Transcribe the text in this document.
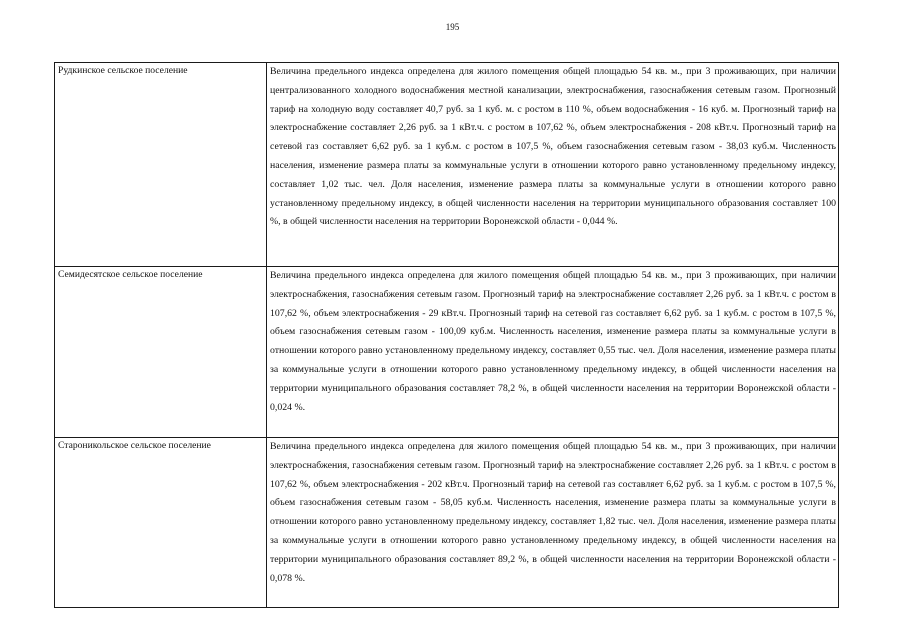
195
Рудкинское сельское поселение	Величина предельного индекса определена для жилого помещения общей площадью 54 кв. м., при 3 проживающих, при наличии централизованного холодного водоснабжения местной канализации, электроснабжения, газоснабжения сетевым газом. Прогнозный тариф на холодную воду составляет 40,7 руб. за 1 куб. м. с ростом в 110 %, объем водоснабжения - 16 куб. м. Прогнозный тариф на электроснабжение составляет 2,26 руб. за 1 кВт.ч. с ростом в 107,62 %, объем электроснабжения - 208 кВт.ч. Прогнозный тариф на сетевой газ составляет 6,62 руб. за 1 куб.м. с ростом в 107,5 %, объем газоснабжения сетевым газом - 38,03 куб.м. Численность населения, изменение размера платы за коммунальные услуги в отношении которого равно установленному предельному индексу, составляет 1,02 тыс. чел. Доля населения, изменение размера платы за коммунальные услуги в отношении которого равно установленному предельному индексу, в общей численности населения на территории муниципального образования составляет 100 %, в общей численности населения на территории Воронежской области - 0,044 %.
Семидесятское сельское поселение	Величина предельного индекса определена для жилого помещения общей площадью 54 кв. м., при 3 проживающих, при наличии электроснабжения, газоснабжения сетевым газом. Прогнозный тариф на электроснабжение составляет 2,26 руб. за 1 кВт.ч. с ростом в 107,62 %, объем электроснабжения - 29 кВт.ч. Прогнозный тариф на сетевой газ составляет 6,62 руб. за 1 куб.м. с ростом в 107,5 %, объем газоснабжения сетевым газом - 100,09 куб.м. Численность населения, изменение размера платы за коммунальные услуги в отношении которого равно установленному предельному индексу, составляет 0,55 тыс. чел. Доля населения, изменение размера платы за коммунальные услуги в отношении которого равно установленному предельному индексу, в общей численности населения на территории муниципального образования составляет 78,2 %, в общей численности населения на территории Воронежской области - 0,024 %.
Староникольское сельское поселение	Величина предельного индекса определена для жилого помещения общей площадью 54 кв. м., при 3 проживающих, при наличии электроснабжения, газоснабжения сетевым газом. Прогнозный тариф на электроснабжение составляет 2,26 руб. за 1 кВт.ч. с ростом в 107,62 %, объем электроснабжения - 202 кВт.ч. Прогнозный тариф на сетевой газ составляет 6,62 руб. за 1 куб.м. с ростом в 107,5 %, объем газоснабжения сетевым газом - 58,05 куб.м. Численность населения, изменение размера платы за коммунальные услуги в отношении которого равно установленному предельному индексу, составляет 1,82 тыс. чел. Доля населения, изменение размера платы за коммунальные услуги в отношении которого равно установленному предельному индексу, в общей численности населения на территории муниципального образования составляет 89,2 %, в общей численности населения на территории Воронежской области - 0,078 %.
